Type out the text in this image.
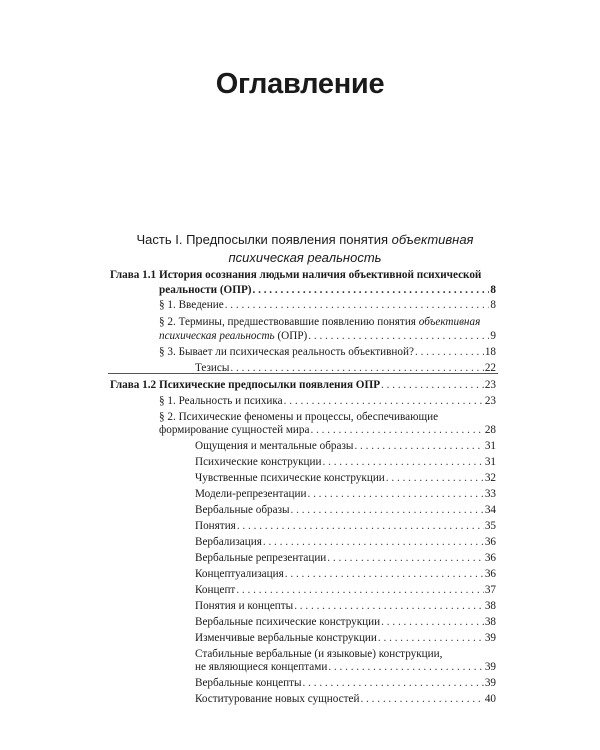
Оглавление
Часть I. Предпосылки появления понятия объективная
психическая реальность
Глава 1.1 История осознания людьми наличия объективной психической
реальности (ОПР) . . .	8
§ 1. Введение . . .	8
§ 2. Термины, предшествовавшие появлению понятия объективная
психическая реальность (ОПР) . . .	9
§ 3. Бывает ли психическая реальность объективной? . . .	18
Тезисы . . .	22
Глава 1.2 Психические предпосылки появления ОПР . . .	23
§ 1. Реальность и психика . . .	23
§ 2. Психические феномены и процессы, обеспечивающие
формирование сущностей мира . . .	28
Ощущения и ментальные образы . . .	31
Психические конструкции . . .	31
Чувственные психические конструкции . . .	32
Модели-репрезентации . . .	33
Вербальные образы . . .	34
Понятия . . .	35
Вербализация . . .	36
Вербальные репрезентации . . .	36
Концептуализация . . .	36
Концепт . . .	37
Понятия и концепты . . .	38
Вербальные психические конструкции . . .	38
Изменчивые вербальные конструкции . . .	39
Стабильные вербальные (и языковые) конструкции,
не являющиеся концептами . . .	39
Вербальные концепты . . .	39
Коститурование новых сущностей . . .	40
